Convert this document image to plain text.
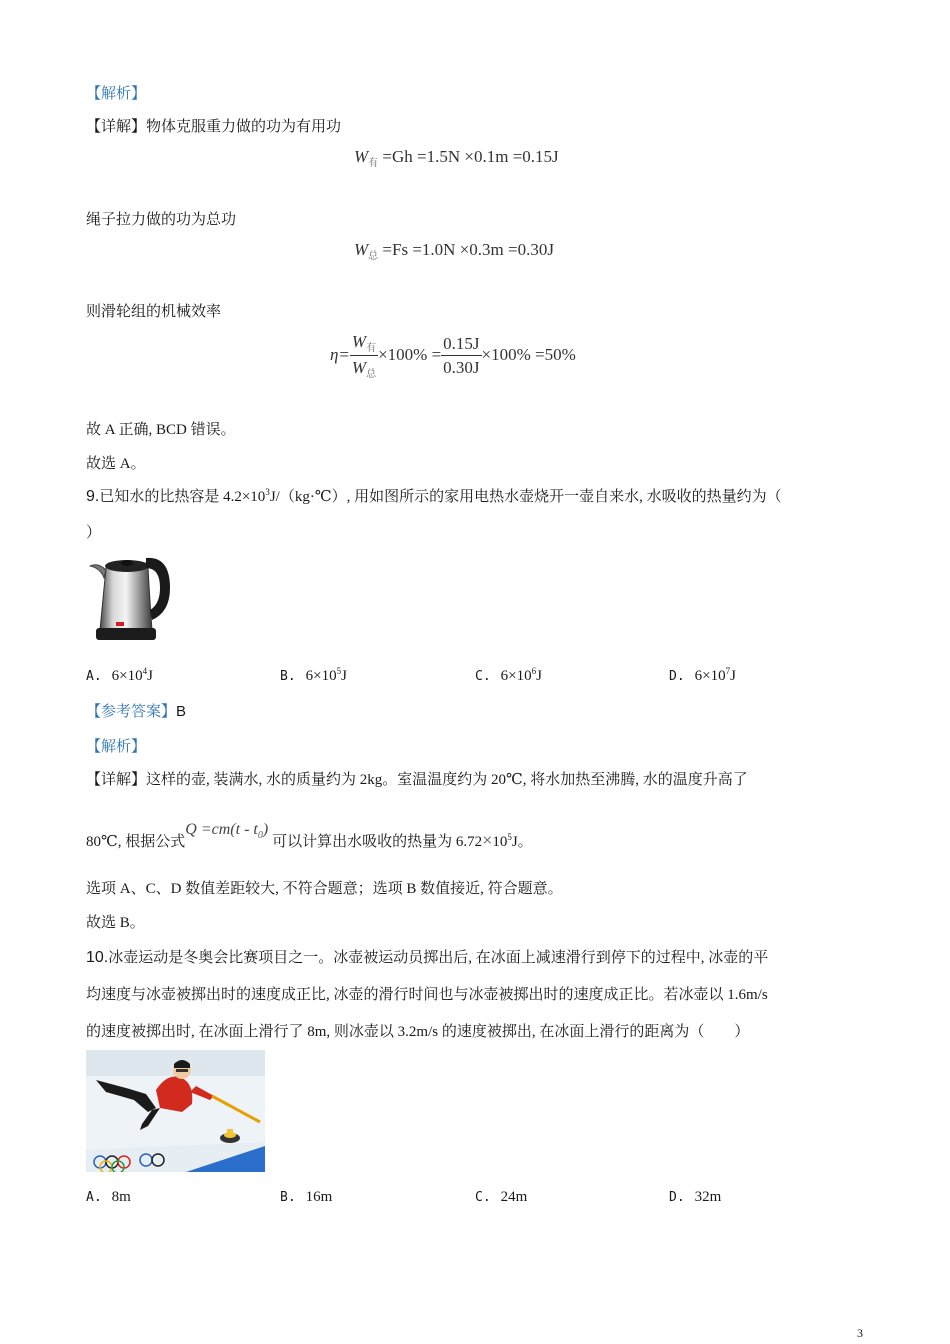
【解析】
【详解】物体克服重力做的功为有用功
$W_有 =Gh =1.5N \times 0.1m =0.15J$
绳子拉力做的功为总功
$W_总 =Fs =1.0N \times 0.3m =0.30J$
则滑轮组的机械效率
$\eta= \frac{W_有}{W_总} \times 100\% = \frac{0.15J}{0.30J} \times 100\% =50\%$
故 A 正确, BCD 错误。
故选 A。
9.已知水的比热容是 $4.2\times 10^3J/(kg\cdot℃)$, 用如图所示的家用电热水壶烧开一壶自来水, 水吸收的热量约为（
）
A. $6\times 10^4J$	B. $6\times 10^5J$	C. $6\times 10^6J$	D. $6\times 10^7J$
【参考答案】B
【解析】
【详解】这样的壶, 装满水, 水的质量约为 2kg。室温温度约为 20℃, 将水加热至沸腾, 水的温度升高了
80℃, 根据公式$Q =cm(t - t_0)$可以计算出水吸收的热量为 $6.72\times 10^5J$。
选项 A、C、D 数值差距较大, 不符合题意；选项 B 数值接近, 符合题意。
故选 B。
10.冰壶运动是冬奥会比赛项目之一。冰壶被运动员掷出后, 在冰面上减速滑行到停下的过程中, 冰壶的平
均速度与冰壶被掷出时的速度成正比, 冰壶的滑行时间也与冰壶被掷出时的速度成正比。若冰壶以 1.6m/s
的速度被掷出时, 在冰面上滑行了 8m, 则冰壶以 3.2m/s 的速度被掷出, 在冰面上滑行的距离为（　　）
A. 8m	B. 16m	C. 24m	D. 32m
3
